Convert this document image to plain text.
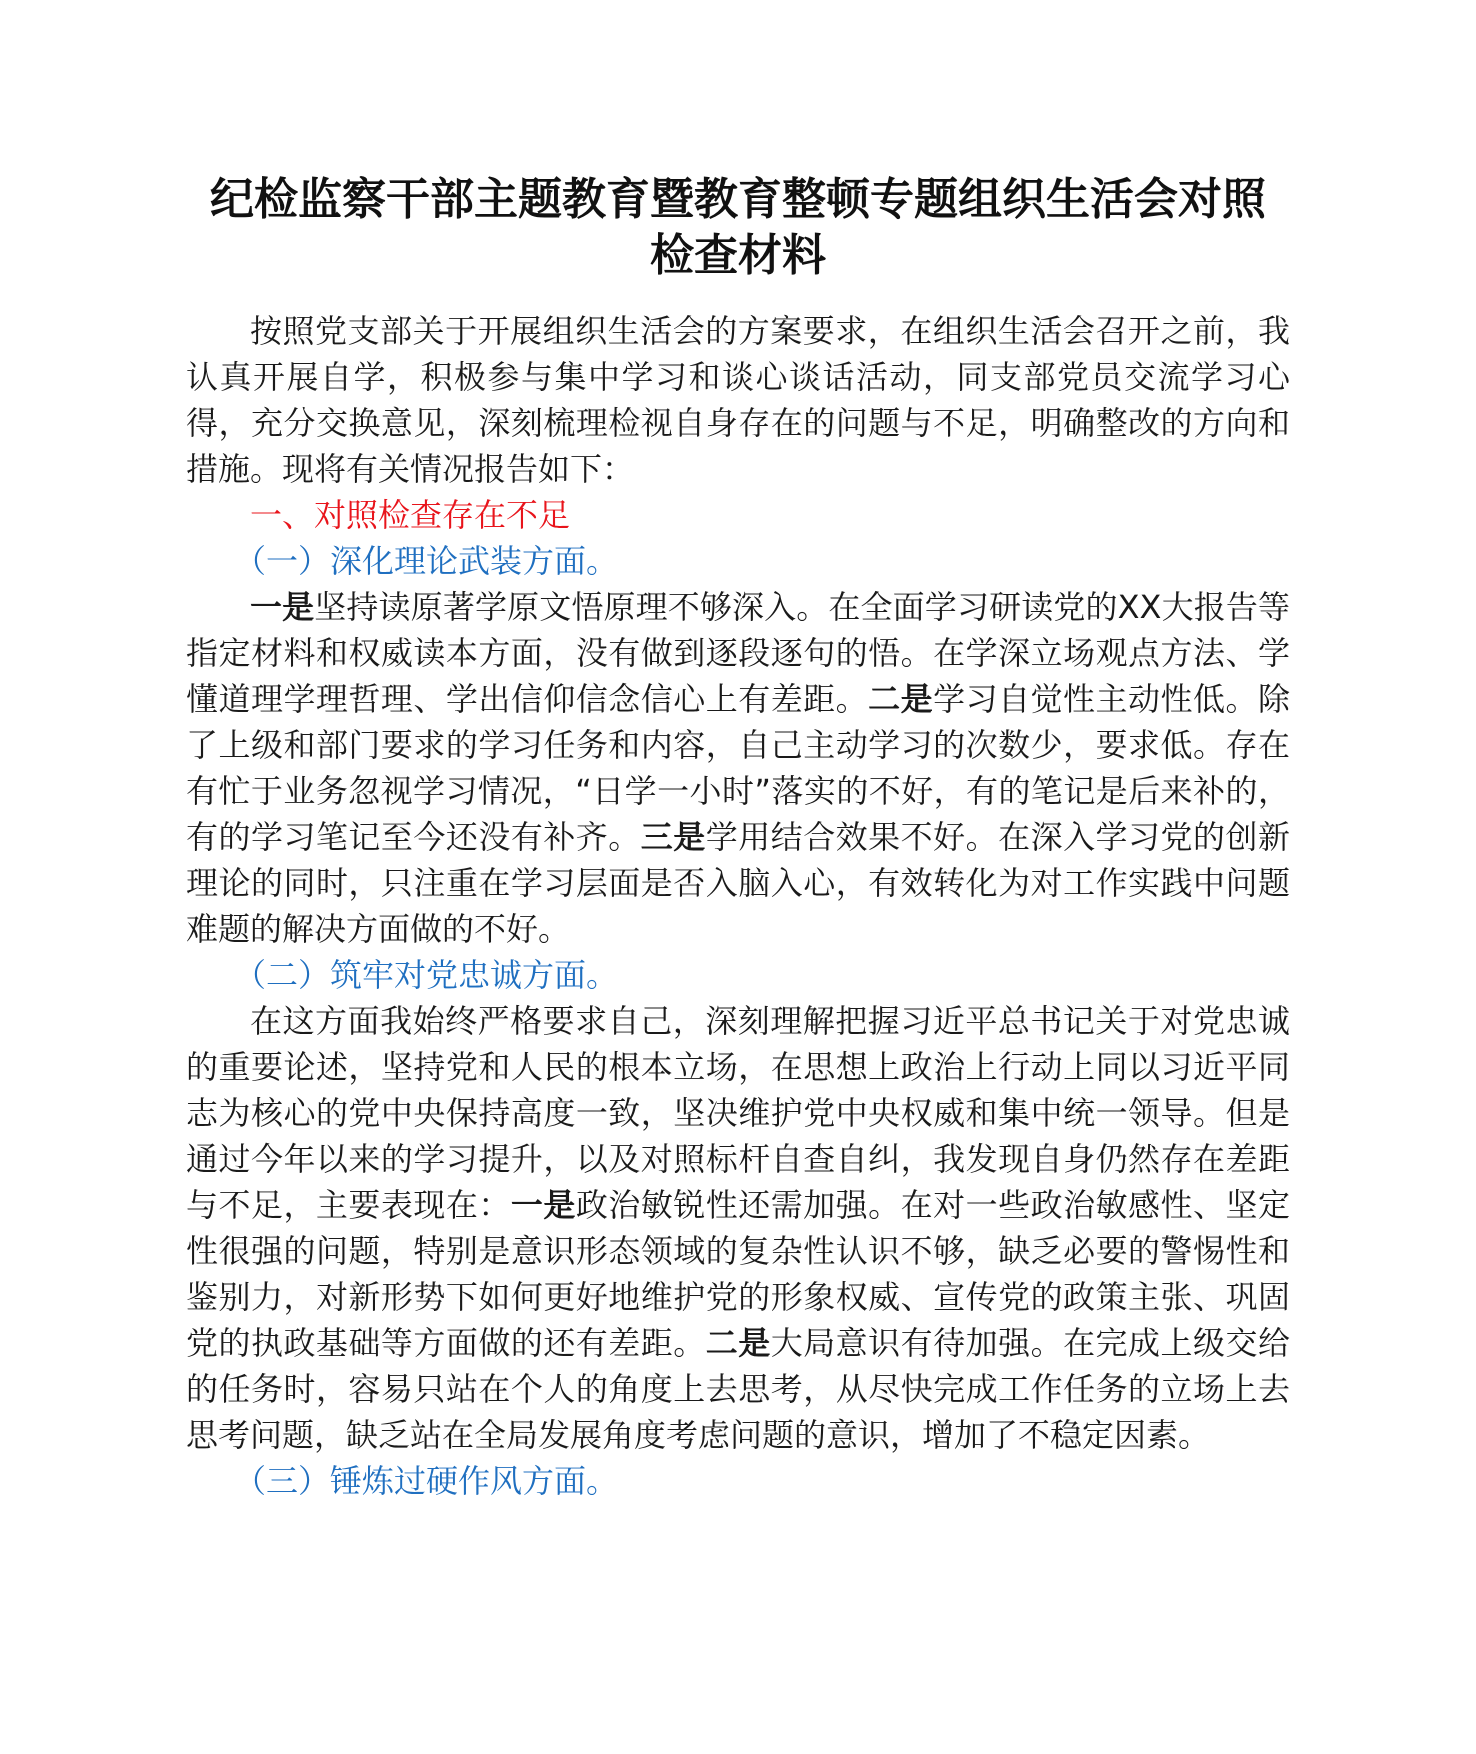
纪检监察干部主题教育暨教育整顿专题组织生活会对照
检查材料

按照党支部关于开展组织生活会的方案要求，在组织生活会召开之前，我认真开展自学，积极参与集中学习和谈心谈话活动，同支部党员交流学习心得，充分交换意见，深刻梳理检视自身存在的问题与不足，明确整改的方向和措施。现将有关情况报告如下：

一、对照检查存在不足

（一）深化理论武装方面。

一是坚持读原著学原文悟原理不够深入。在全面学习研读党的XX大报告等指定材料和权威读本方面，没有做到逐段逐句的悟。在学深立场观点方法、学懂道理学理哲理、学出信仰信念信心上有差距。二是学习自觉性主动性低。除了上级和部门要求的学习任务和内容，自己主动学习的次数少，要求低。存在有忙于业务忽视学习情况，“日学一小时”落实的不好，有的笔记是后来补的，有的学习笔记至今还没有补齐。三是学用结合效果不好。在深入学习党的创新理论的同时，只注重在学习层面是否入脑入心，有效转化为对工作实践中问题难题的解决方面做的不好。

（二）筑牢对党忠诚方面。

在这方面我始终严格要求自己，深刻理解把握习近平总书记关于对党忠诚的重要论述，坚持党和人民的根本立场，在思想上政治上行动上同以习近平同志为核心的党中央保持高度一致，坚决维护党中央权威和集中统一领导。但是通过今年以来的学习提升，以及对照标杆自查自纠，我发现自身仍然存在差距与不足，主要表现在：一是政治敏锐性还需加强。在对一些政治敏感性、坚定性很强的问题，特别是意识形态领域的复杂性认识不够，缺乏必要的警惕性和鉴别力，对新形势下如何更好地维护党的形象权威、宣传党的政策主张、巩固党的执政基础等方面做的还有差距。二是大局意识有待加强。在完成上级交给的任务时，容易只站在个人的角度上去思考，从尽快完成工作任务的立场上去思考问题，缺乏站在全局发展角度考虑问题的意识，增加了不稳定因素。

（三）锤炼过硬作风方面。
